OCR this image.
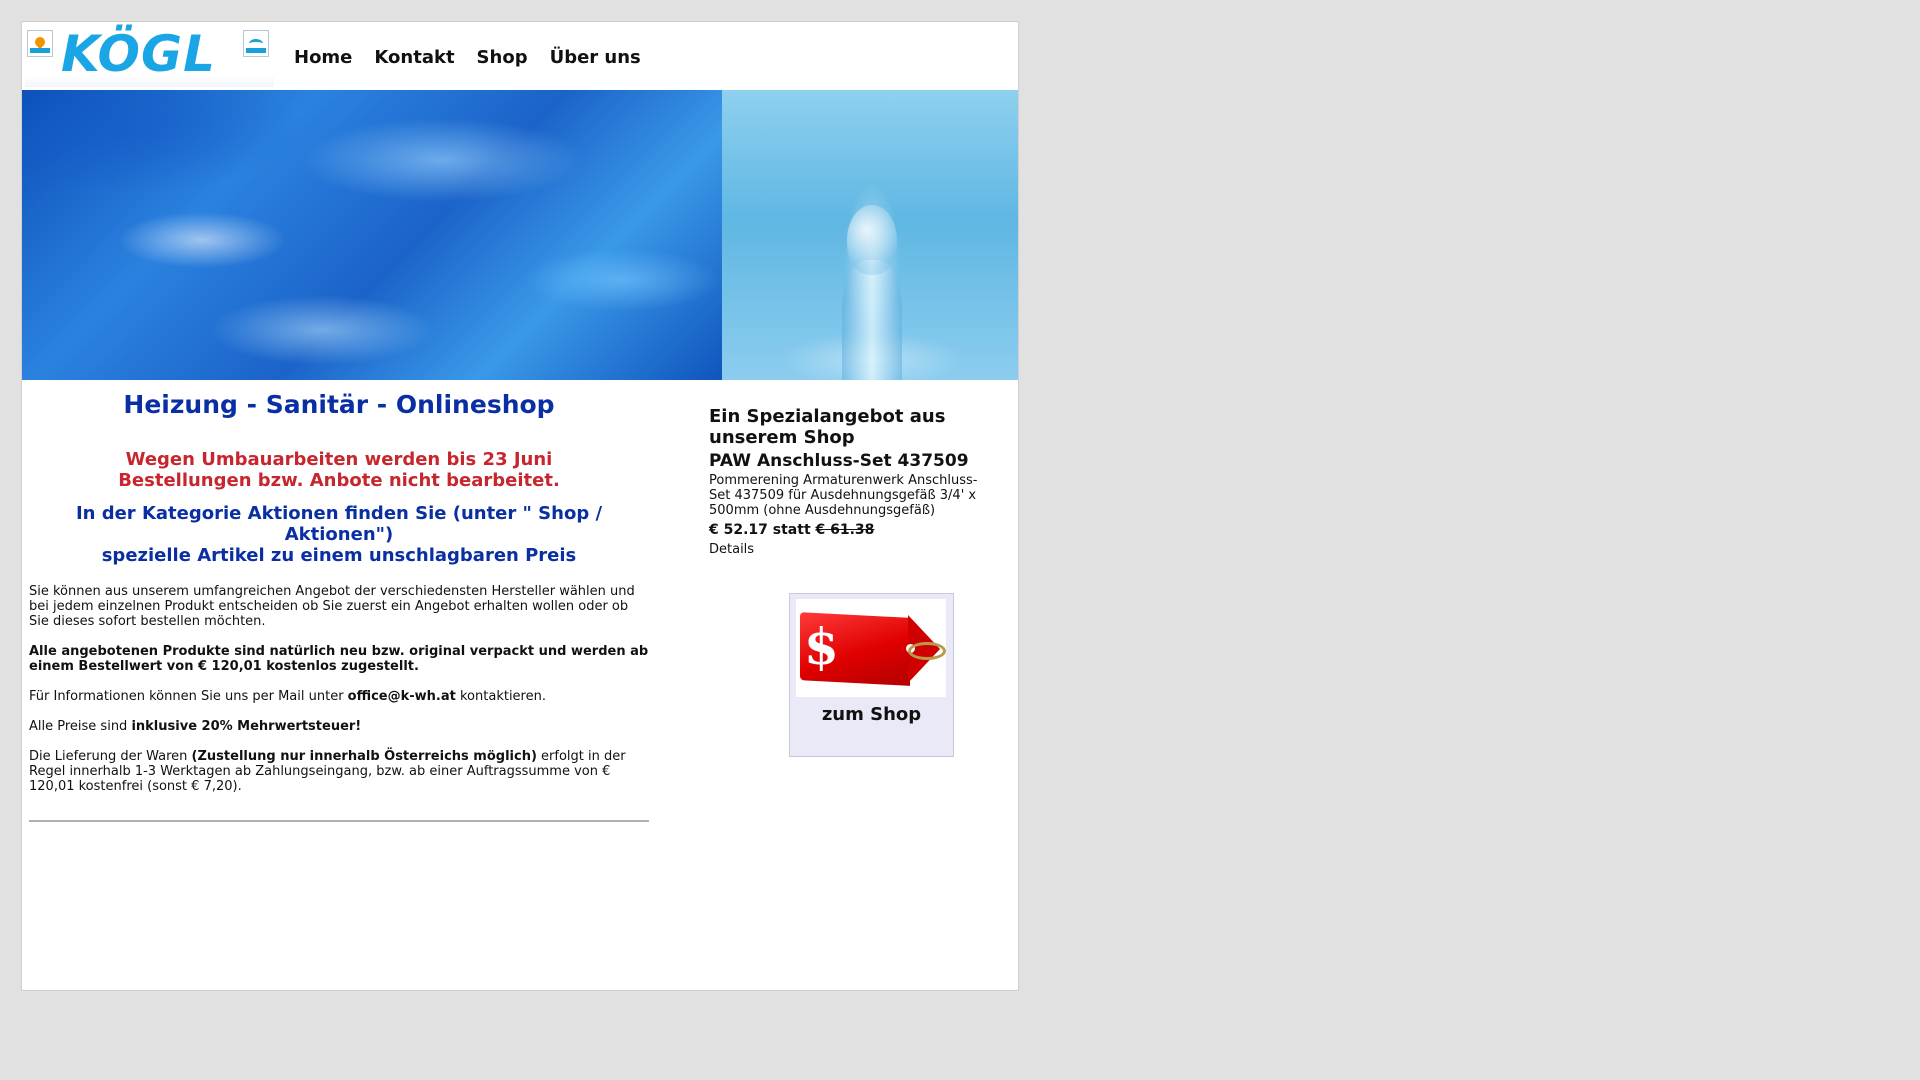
KÖGL	Home Kontakt Shop Über uns
Heizung - Sanitär - Onlineshop
Wegen Umbauarbeiten werden bis 23 Juni
Bestellungen bzw. Anbote nicht bearbeitet.
In der Kategorie Aktionen finden Sie (unter " Shop / Aktionen")
spezielle Artikel zu einem unschlagbaren Preis

Sie können aus unserem umfangreichen Angebot der verschiedensten Hersteller wählen und bei jedem einzelnen Produkt entscheiden ob Sie zuerst ein Angebot erhalten wollen oder ob Sie dieses sofort bestellen möchten.

Alle angebotenen Produkte sind natürlich neu bzw. original verpackt und werden ab einem Bestellwert von € 120,01 kostenlos zugestellt.

Für Informationen können Sie uns per Mail unter office@k-wh.at kontaktieren.

Alle Preise sind inklusive 20% Mehrwertsteuer!

Die Lieferung der Waren (Zustellung nur innerhalb Österreichs möglich) erfolgt in der Regel innerhalb 1-3 Werktagen ab Zahlungseingang, bzw. ab einer Auftragssumme von € 120,01 kostenfrei (sonst € 7,20).

Ein Spezialangebot aus unserem Shop
PAW Anschluss-Set 437509
Pommerening Armaturenwerk Anschluss-Set 437509 für Ausdehnungsgefäß 3/4' x 500mm (ohne Ausdehnungsgefäß)
€ 52.17 statt € 61.38
Details
$
zum Shop
